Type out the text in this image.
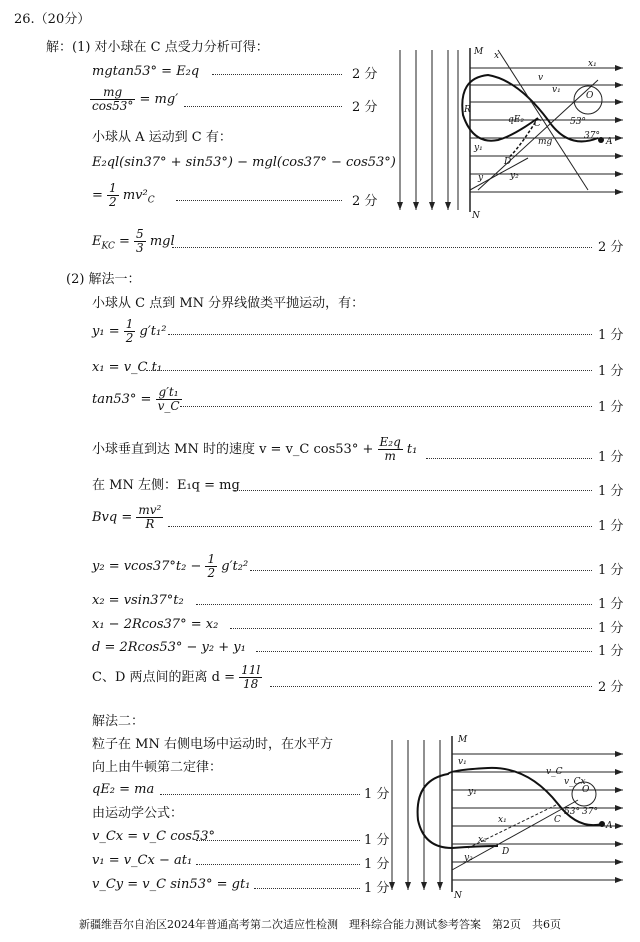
26.（20分）
解：(1) 对小球在 C 点受力分析可得：
mgtan53° = E₂q	2 分
$\frac{mg}{\cos 53^\circ} = mg'$
2 分
小球从 A 运动到 C 有：
E₂ql(sin37° + sin53°) − mgl(cos37° − cos53°)
= $\frac{1}{2} mv^2_C$	2 分
$E_{KC} = \frac{5}{3}$ mgl	2 分
M
N
x
x₁
v
v₁
O
A
C
D
53°
37°
mg
qE₂
R
y	y₂
y₁
(2) 解法一：
小球从 C 点到 MN 分界线做类平抛运动，有：
$y_1 = \frac{1}{2} g't_1^2$	1 分
x₁ = v_C t₁	1 分
$\tan 53^\circ = \frac{\text{g′t₁}}{v\_C}$	1 分
小球垂直到达 MN 时的速度 v = v_C $\cos 53^\circ + \frac{\text{E₂q}}{m} t_1$
1 分
在 MN 左侧：E₁q = mg	1 分
Bvq = $\frac{\text{mv²}}{R}$	1 分
$y_2 = vcos37^\circ t_2 - \frac{1}{2} g't_2^2$	1 分
x₂ = vsin37°t₂	1 分
x₁ − 2Rcos37° = x₂	1 分
d = 2Rcos53° − y₂ + y₁	1 分
C、D 两点间的距离 $d = \frac{11l}{18}$	2 分
解法二：
粒子在 MN 右侧电场中运动时，在水平方
向上由牛顿第二定律：
qE₂ = ma	1 分
由运动学公式：
v_Cx = v_C cos53°	1 分
v₁ = v_Cx − at₁	1 分
v_Cy = v_C sin53° = gt₁	1 分
M
N
v₁
v_Cx
v_C
y₁
y₂
x₁
x₂
C
D
O
A
53° 37°
新疆维吾尔自治区2024年普通高考第二次适应性检测　理科综合能力测试参考答案　第2页　共6页
